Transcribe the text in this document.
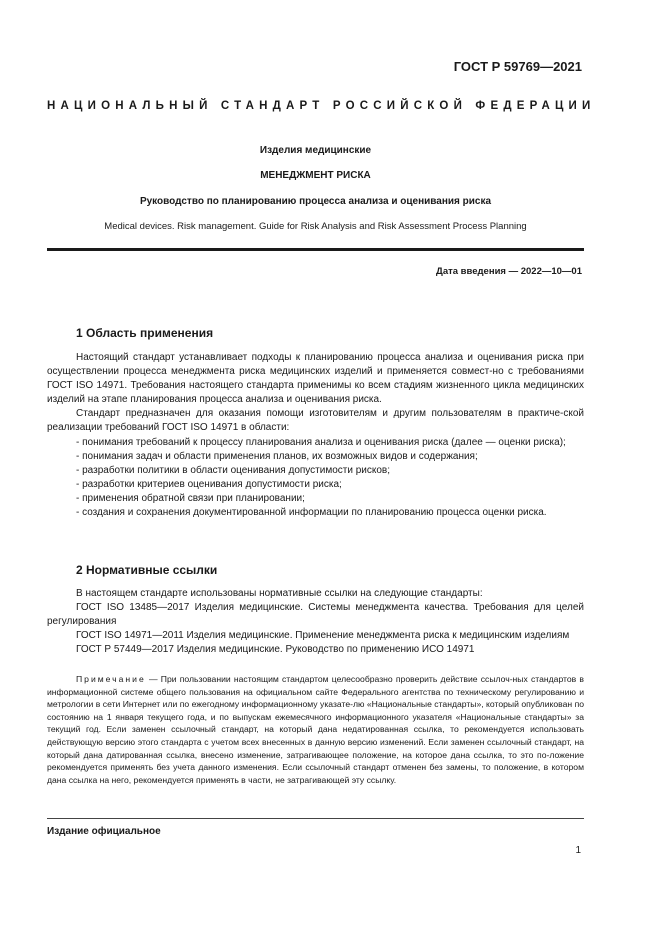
ГОСТ Р 59769—2021
НАЦИОНАЛЬНЫЙ СТАНДАРТ РОССИЙСКОЙ ФЕДЕРАЦИИ
Изделия медицинские
МЕНЕДЖМЕНТ РИСКА
Руководство по планированию процесса анализа и оценивания риска
Medical devices. Risk management. Guide for Risk Analysis and Risk Assessment Process Planning
Дата введения — 2022—10—01
1 Область применения

Настоящий стандарт устанавливает подходы к планированию процесса анализа и оценивания риска при осуществлении процесса менеджмента риска медицинских изделий и применяется совмест-но с требованиями ГОСТ ISO 14971. Требования настоящего стандарта применимы ко всем стадиям жизненного цикла медицинских изделий на этапе планирования процесса анализа и оценивания риска.

Стандарт предназначен для оказания помощи изготовителям и другим пользователям в практиче-ской реализации требований ГОСТ ISO 14971 в области:

- понимания требований к процессу планирования анализа и оценивания риска (далее — оценки риска);

- понимания задач и области применения планов, их возможных видов и содержания;

- разработки политики в области оценивания допустимости рисков;

- разработки критериев оценивания допустимости риска;

- применения обратной связи при планировании;

- создания и сохранения документированной информации по планированию процесса оценки риска.

2 Нормативные ссылки

В настоящем стандарте использованы нормативные ссылки на следующие стандарты:

ГОСТ ISO 13485—2017 Изделия медицинские. Системы менеджмента качества. Требования для целей регулирования

ГОСТ ISO 14971—2011 Изделия медицинские. Применение менеджмента риска к медицинским изделиям

ГОСТ Р 57449—2017 Изделия медицинские. Руководство по применению ИСО 14971

Примечание — При пользовании настоящим стандартом целесообразно проверить действие ссылоч-ных стандартов в информационной системе общего пользования на официальном сайте Федерального агентства по техническому регулированию и метрологии в сети Интернет или по ежегодному информационному указате-лю «Национальные стандарты», который опубликован по состоянию на 1 января текущего года, и по выпускам ежемесячного информационного указателя «Национальные стандарты» за текущий год. Если заменен ссылочный стандарт, на который дана недатированная ссылка, то рекомендуется использовать действующую версию этого стандарта с учетом всех внесенных в данную версию изменений. Если заменен ссылочный стандарт, на который дана датированная ссылка, внесено изменение, затрагивающее положение, на которое дана ссылка, то это по-ложение рекомендуется применять без учета данного изменения. Если ссылочный стандарт отменен без замены, то положение, в котором дана ссылка на него, рекомендуется применять в части, не затрагивающей эту ссылку.

Издание официальное
1
